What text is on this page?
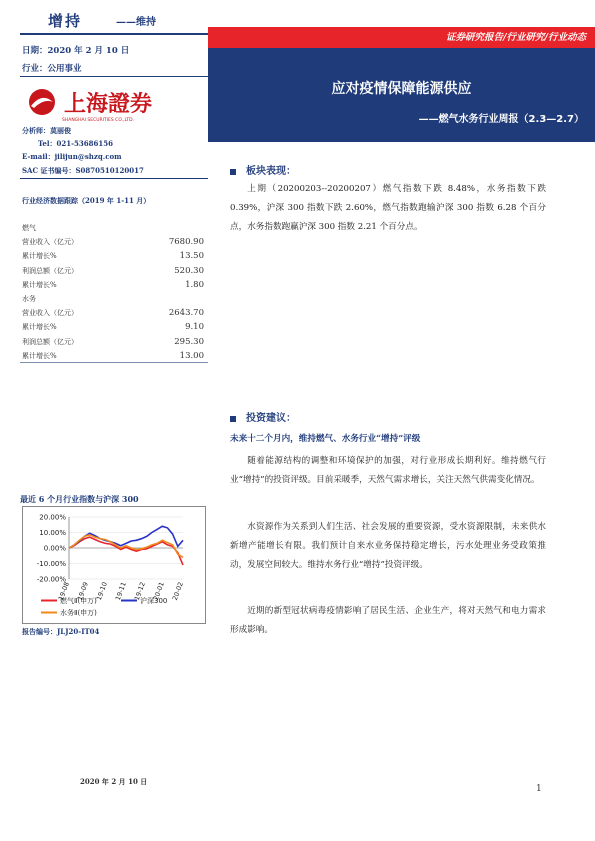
增持	——维持
日期：2020 年 2 月 10 日
行业：公用事业
上海證券
SHANGHAI SECURITIES CO.,LTD.
分析师：莫丽俊
Tel：021-53686156
E-mail：jilijun@shzq.com
SAC 证书编号：S0870510120017
行业经济数据跟踪（2019 年 1-11 月）
燃气	
营业收入（亿元）	7680.90
累计增长%	13.50
利润总额（亿元）	520.30
累计增长%	1.80
水务	
营业收入（亿元）	2643.70
累计增长%	9.10
利润总额（亿元）	295.30
累计增长%	13.00
最近 6 个月行业指数与沪深 300
20.00%
10.00%
0.00%
-10.00%
-20.00%
19-08 19-09 19-10 19-11 19-12 20-01 20-02
燃气Ⅱ(申万)	沪深300
水务Ⅱ(申万)
报告编号：JLJ20-IT04
证券研究报告/行业研究/行业动态
应对疫情保障能源供应
——燃气水务行业周报（2.3—2.7）
板块表现：
上期（20200203--20200207）燃气指数下跌 8.48%，水务指数下跌 0.39%，沪深 300 指数下跌 2.60%，燃气指数跑输沪深 300 指数 6.28 个百分点，水务指数跑赢沪深 300 指数 2.21 个百分点。
投资建议：
未来十二个月内，维持燃气、水务行业“增持”评级
随着能源结构的调整和环境保护的加强，对行业形成长期利好。维持燃气行业“增持”的投资评级。目前采暖季，天然气需求增长，关注天然气供需变化情况。
水资源作为关系到人们生活、社会发展的重要资源，受水资源限制，未来供水新增产能增长有限。我们预计自来水业务保持稳定增长，污水处理业务受政策推动，发展空间较大。维持水务行业“增持”投资评级。
近期的新型冠状病毒疫情影响了居民生活、企业生产，将对天然气和电力需求形成影响。
2020 年 2 月 10 日
1
